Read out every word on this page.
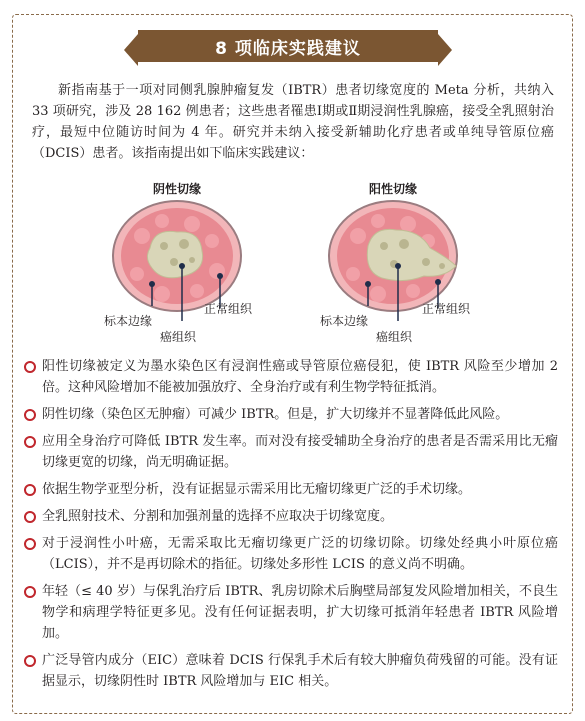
8 项临床实践建议
新指南基于一项对同侧乳腺肿瘤复发（IBTR）患者切缘宽度的 Meta 分析，共纳入 33 项研究，涉及 28 162 例患者；这些患者罹患Ⅰ期或Ⅱ期浸润性乳腺癌，接受全乳照射治疗，最短中位随访时间为 4 年。研究并未纳入接受新辅助化疗患者或单纯导管原位癌（DCIS）患者。该指南提出如下临床实践建议：
阴性切缘
标本边缘
正常组织
癌组织
阳性切缘
标本边缘
正常组织
癌组织
阳性切缘被定义为墨水染色区有浸润性癌或导管原位癌侵犯，使 IBTR 风险至少增加 2 倍。这种风险增加不能被加强放疗、全身治疗或有利生物学特征抵消。
阴性切缘（染色区无肿瘤）可减少 IBTR。但是，扩大切缘并不显著降低此风险。
应用全身治疗可降低 IBTR 发生率。而对没有接受辅助全身治疗的患者是否需采用比无瘤切缘更宽的切缘，尚无明确证据。
依据生物学亚型分析，没有证据显示需采用比无瘤切缘更广泛的手术切缘。
全乳照射技术、分割和加强剂量的选择不应取决于切缘宽度。
对于浸润性小叶癌，无需采取比无瘤切缘更广泛的切缘切除。切缘处经典小叶原位癌（LCIS），并不是再切除术的指征。切缘处多形性 LCIS 的意义尚不明确。
年轻（≤ 40 岁）与保乳治疗后 IBTR、乳房切除术后胸壁局部复发风险增加相关，不良生物学和病理学特征更多见。没有任何证据表明，扩大切缘可抵消年轻患者 IBTR 风险增加。
广泛导管内成分（EIC）意味着 DCIS 行保乳手术后有较大肿瘤负荷残留的可能。没有证据显示，切缘阴性时 IBTR 风险增加与 EIC 相关。
